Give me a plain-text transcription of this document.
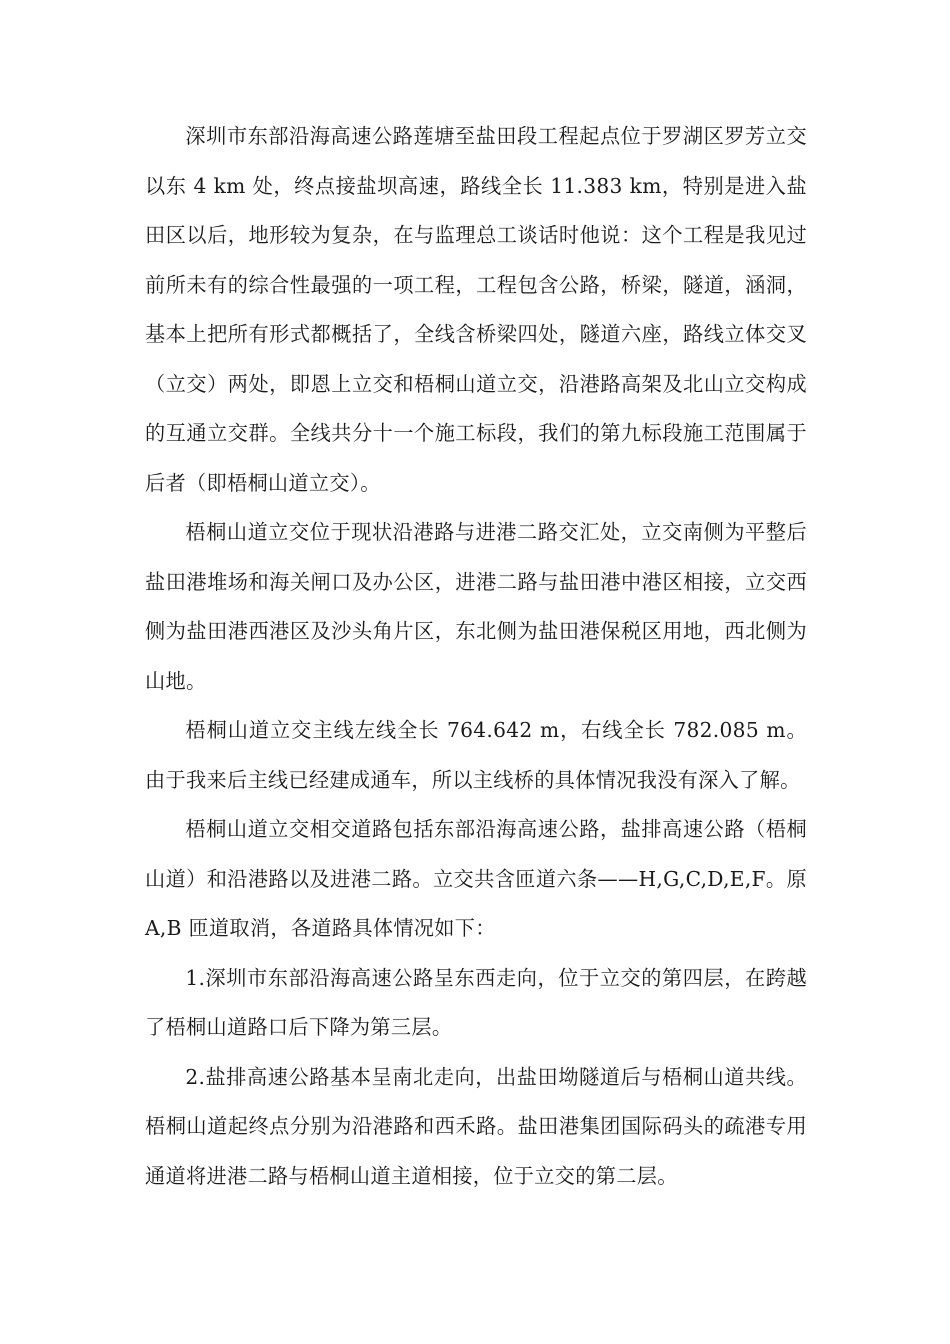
深圳市东部沿海高速公路莲塘至盐田段工程起点位于罗湖区罗芳立交以东 4 km 处，终点接盐坝高速，路线全长 11.383 km，特别是进入盐田区以后，地形较为复杂，在与监理总工谈话时他说：这个工程是我见过前所未有的综合性最强的一项工程，工程包含公路，桥梁，隧道，涵洞，基本上把所有形式都概括了，全线含桥梁四处，隧道六座，路线立体交叉（立交）两处，即恩上立交和梧桐山道立交，沿港路高架及北山立交构成的互通立交群。全线共分十一个施工标段，我们的第九标段施工范围属于后者（即梧桐山道立交）。

梧桐山道立交位于现状沿港路与进港二路交汇处，立交南侧为平整后盐田港堆场和海关闸口及办公区，进港二路与盐田港中港区相接，立交西侧为盐田港西港区及沙头角片区，东北侧为盐田港保税区用地，西北侧为山地。

梧桐山道立交主线左线全长 764.642 m，右线全长 782.085 m。由于我来后主线已经建成通车，所以主线桥的具体情况我没有深入了解。

梧桐山道立交相交道路包括东部沿海高速公路，盐排高速公路（梧桐山道）和沿港路以及进港二路。立交共含匝道六条——H,G,C,D,E,F。原 A,B 匝道取消，各道路具体情况如下：

1.深圳市东部沿海高速公路呈东西走向，位于立交的第四层，在跨越了梧桐山道路口后下降为第三层。

2.盐排高速公路基本呈南北走向，出盐田坳隧道后与梧桐山道共线。梧桐山道起终点分别为沿港路和西禾路。盐田港集团国际码头的疏港专用通道将进港二路与梧桐山道主道相接，位于立交的第二层。
